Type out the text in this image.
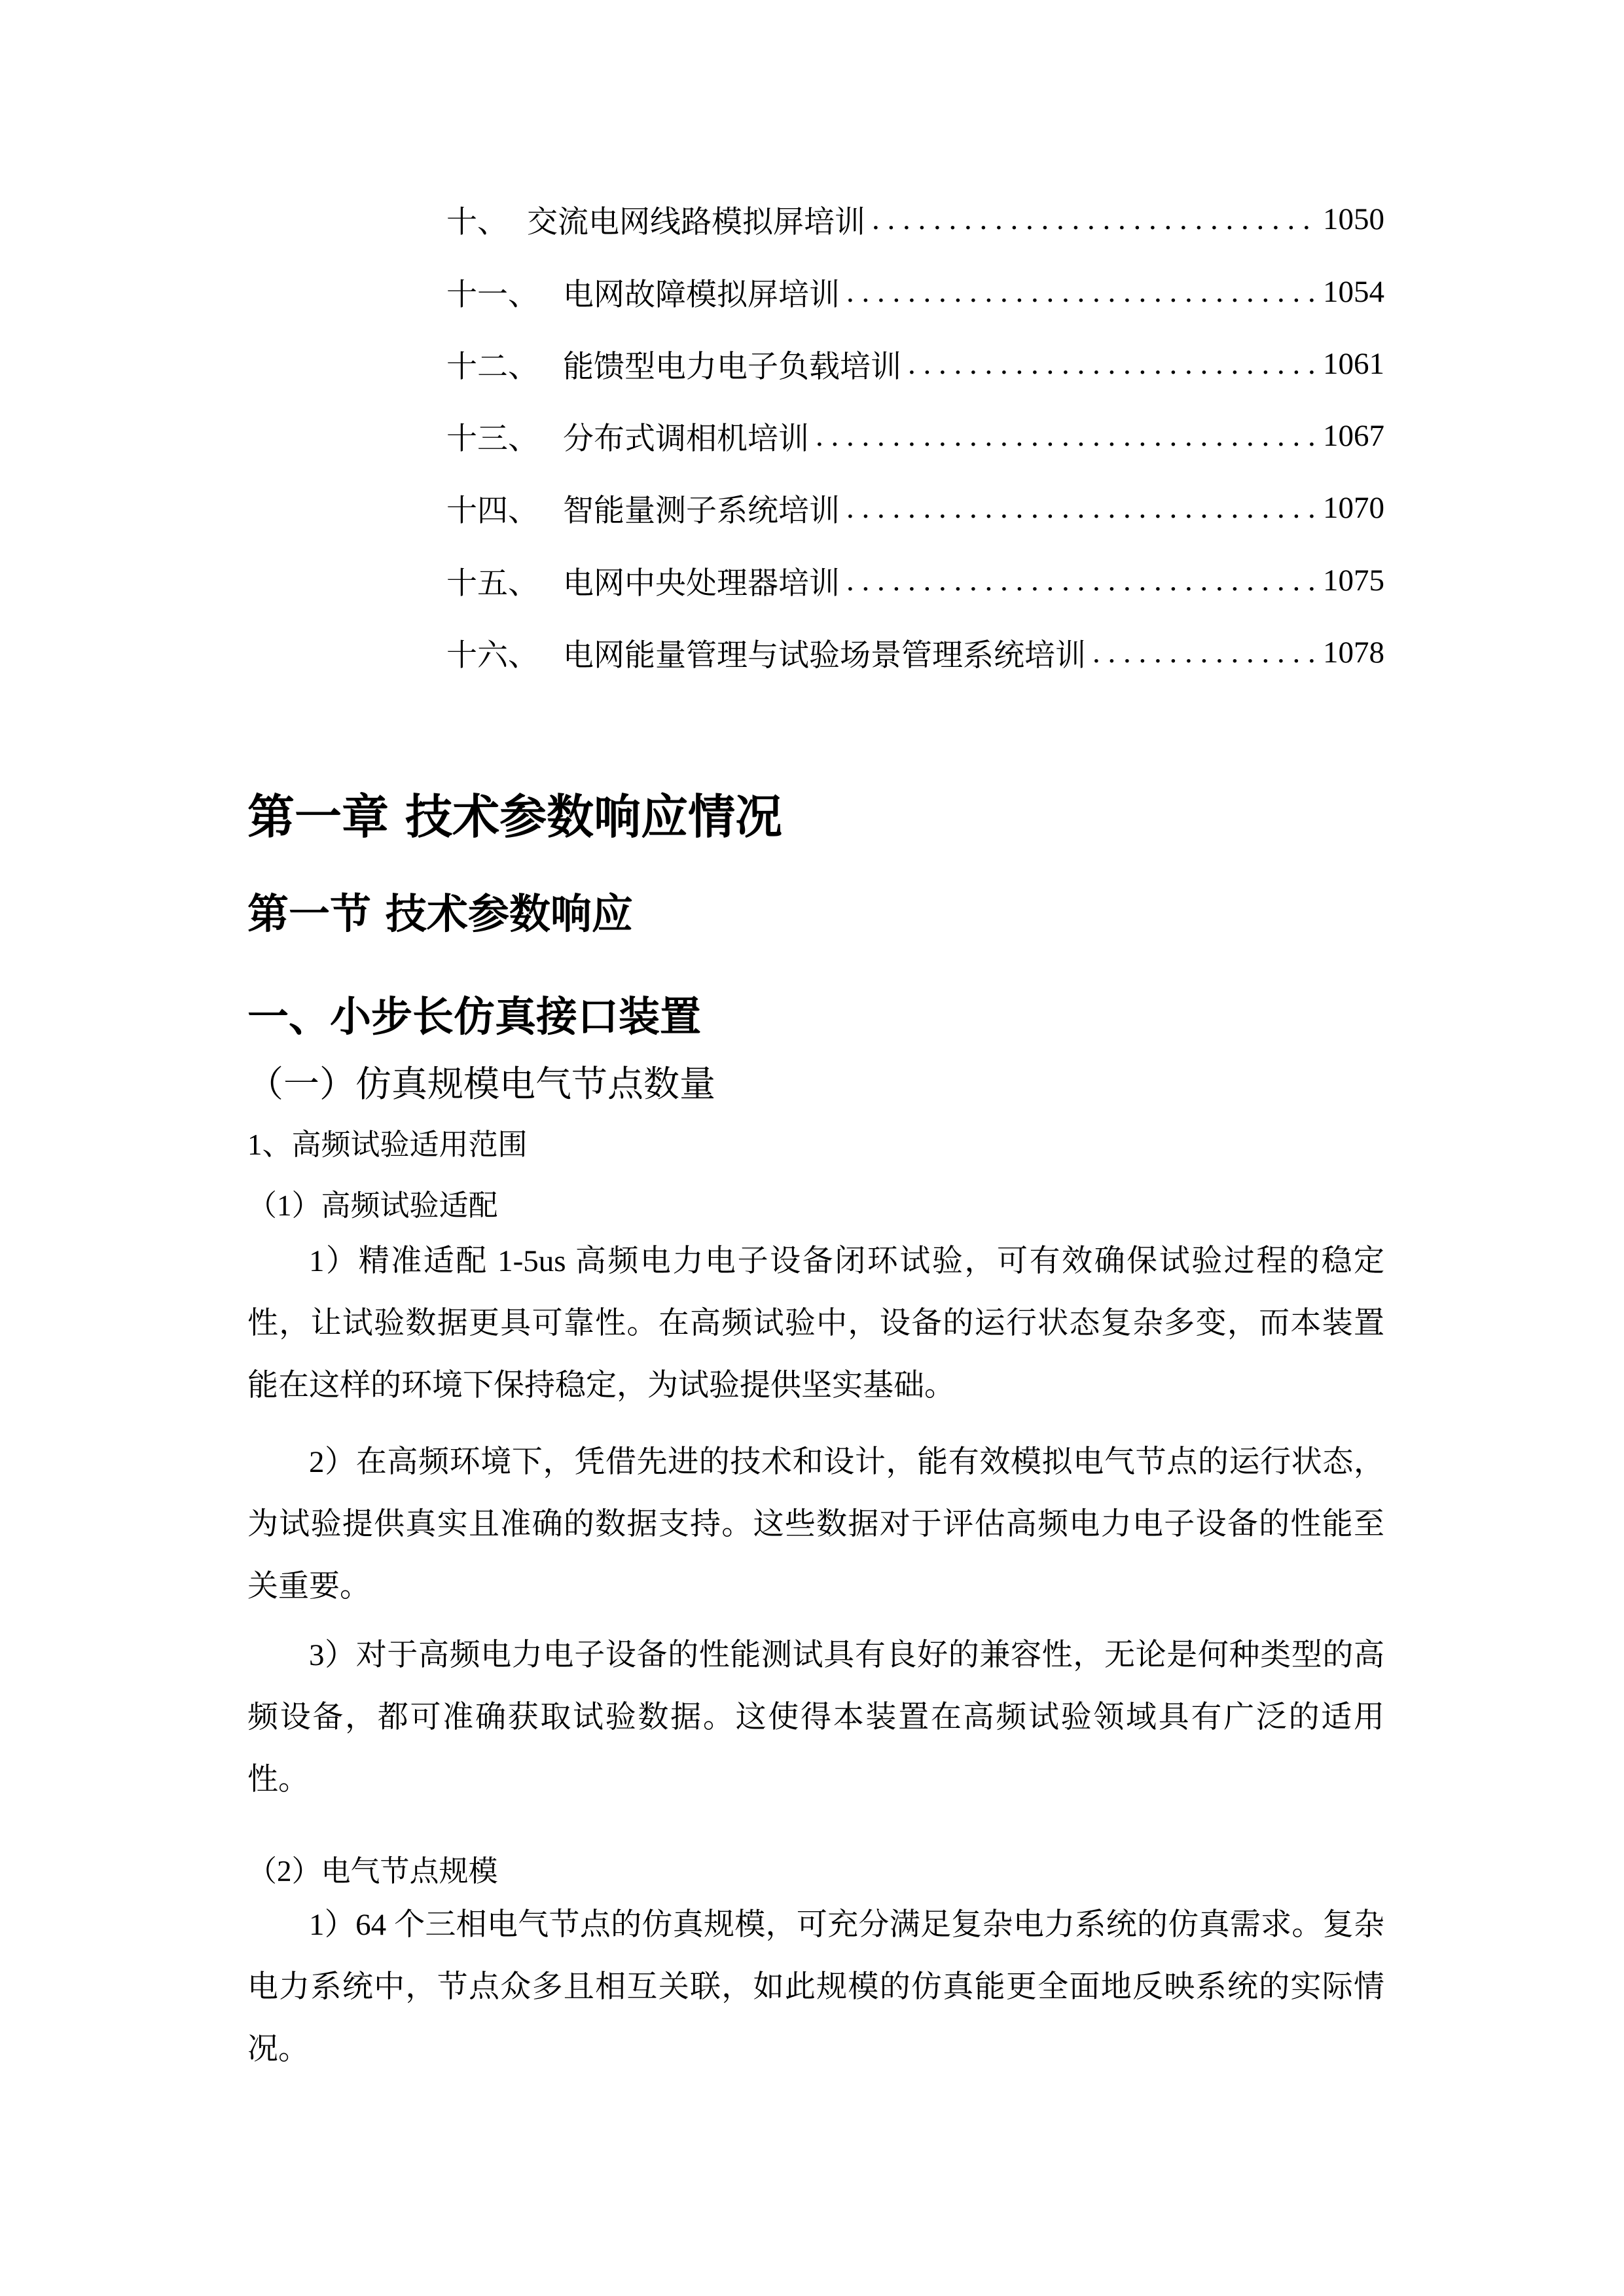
十、 交流电网线路模拟屏培训 . . .	1050
十一、 电网故障模拟屏培训 . . .	1054
十二、 能馈型电力电子负载培训 . . .	1061
十三、 分布式调相机培训 . . .	1067
十四、 智能量测子系统培训 . . .	1070
十五、 电网中央处理器培训 . . .	1075
十六、 电网能量管理与试验场景管理系统培训 . . .	1078
第一章 技术参数响应情况
第一节 技术参数响应
一、小步长仿真接口装置
（一）仿真规模电气节点数量
1、高频试验适用范围
（1）高频试验适配

1）精准适配 1-5us 高频电力电子设备闭环试验，可有效确保试验过程的稳定性，让试验数据更具可靠性。在高频试验中，设备的运行状态复杂多变，而本装置能在这样的环境下保持稳定，为试验提供坚实基础。

2）在高频环境下，凭借先进的技术和设计，能有效模拟电气节点的运行状态，为试验提供真实且准确的数据支持。这些数据对于评估高频电力电子设备的性能至关重要。

3）对于高频电力电子设备的性能测试具有良好的兼容性，无论是何种类型的高频设备，都可准确获取试验数据。这使得本装置在高频试验领域具有广泛的适用性。

（2）电气节点规模

1）64 个三相电气节点的仿真规模，可充分满足复杂电力系统的仿真需求。复杂电力系统中，节点众多且相互关联，如此规模的仿真能更全面地反映系统的实际情况。
